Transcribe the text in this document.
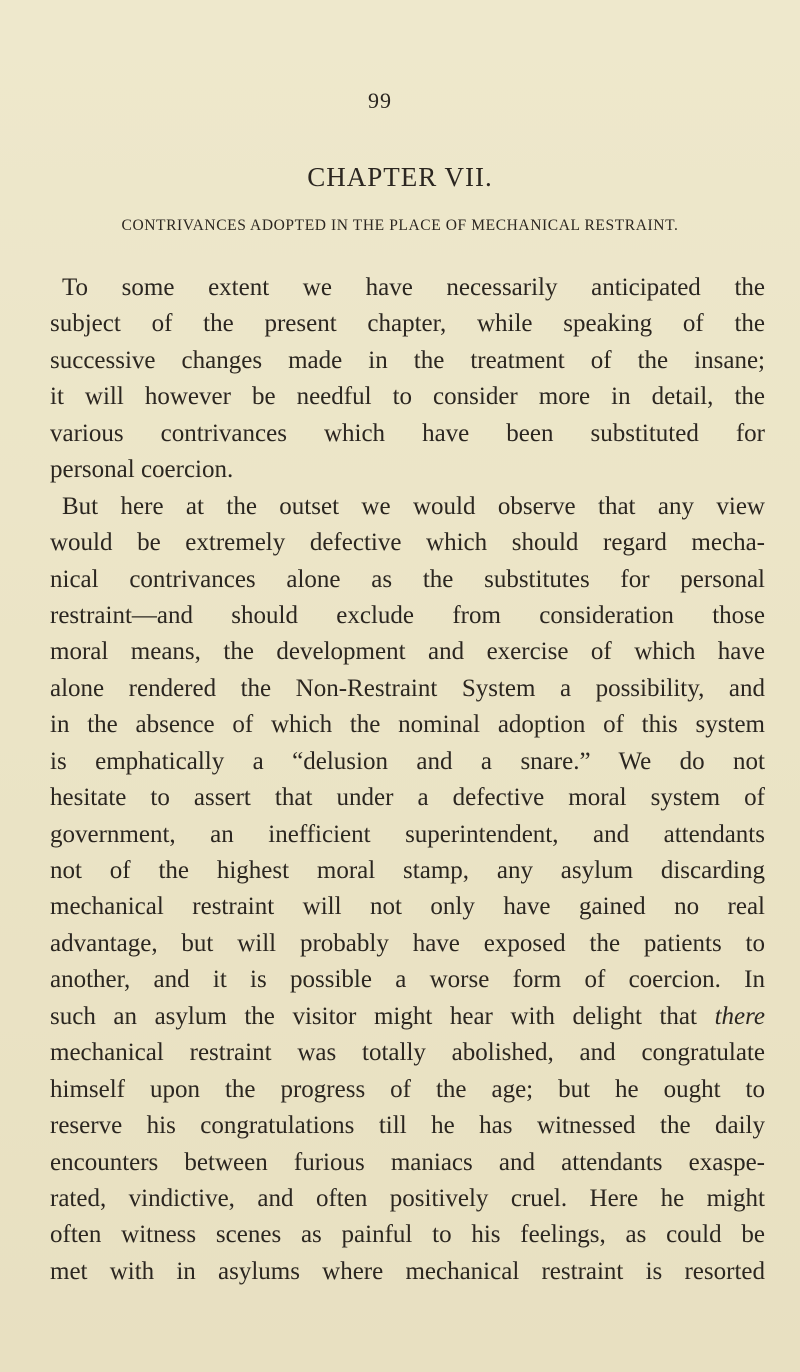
99
CHAPTER VII.
CONTRIVANCES ADOPTED IN THE PLACE OF MECHANICAL RESTRAINT.
To some extent we have necessarily anticipated the
subject of the present chapter, while speaking of the
successive changes made in the treatment of the insane;
it will however be needful to consider more in detail, the
various contrivances which have been substituted for
personal coercion.
But here at the outset we would observe that any view
would be extremely defective which should regard mecha-
nical contrivances alone as the substitutes for personal
restraint—and should exclude from consideration those
moral means, the development and exercise of which have
alone rendered the Non-Restraint System a possibility, and
in the absence of which the nominal adoption of this system
is emphatically a “delusion and a snare.” We do not
hesitate to assert that under a defective moral system of
government, an inefficient superintendent, and attendants
not of the highest moral stamp, any asylum discarding
mechanical restraint will not only have gained no real
advantage, but will probably have exposed the patients to
another, and it is possible a worse form of coercion. In
such an asylum the visitor might hear with delight that there
mechanical restraint was totally abolished, and congratulate
himself upon the progress of the age; but he ought to
reserve his congratulations till he has witnessed the daily
encounters between furious maniacs and attendants exaspe-
rated, vindictive, and often positively cruel. Here he might
often witness scenes as painful to his feelings, as could be
met with in asylums where mechanical restraint is resorted
